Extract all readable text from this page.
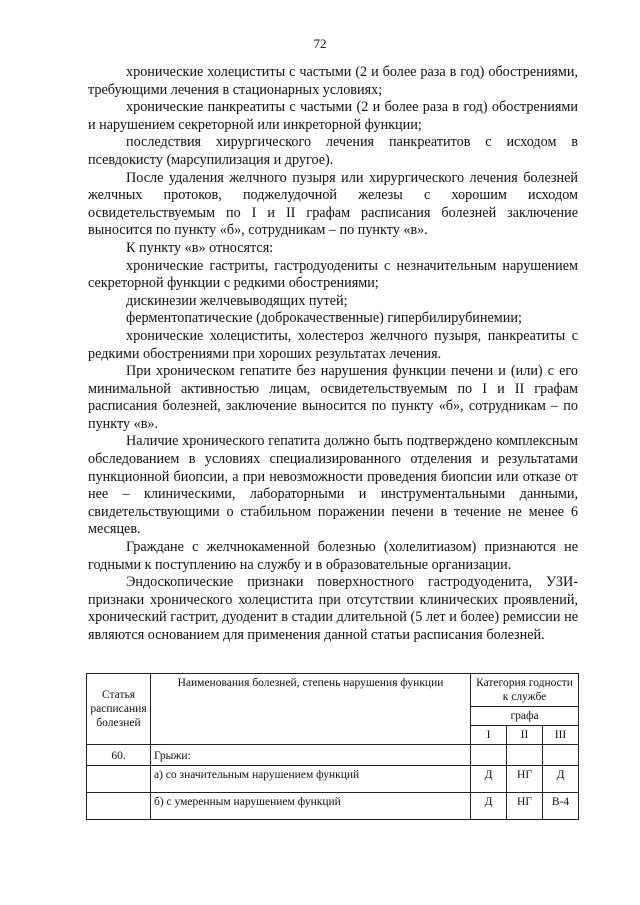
72

хронические холециститы с частыми (2 и более раза в год) обострениями, требующими лечения в стационарных условиях;

хронические панкреатиты с частыми (2 и более раза в год) обострениями и нарушением секреторной или инкреторной функции;

последствия хирургического лечения панкреатитов с исходом в псевдокисту (марсупилизация и другое).

После удаления желчного пузыря или хирургического лечения болезней желчных протоков, поджелудочной железы с хорошим исходом освидетельствуемым по I и II графам расписания болезней заключение выносится по пункту «б», сотрудникам – по пункту «в».

К пункту «в» относятся:

хронические гастриты, гастродуодениты с незначительным нарушением секреторной функции с редкими обострениями;

дискинезии желчевыводящих путей;

ферментопатические (доброкачественные) гипербилирубинемии;

хронические холециститы, холестероз желчного пузыря, панкреатиты с редкими обострениями при хороших результатах лечения.

При хроническом гепатите без нарушения функции печени и (или) с его минимальной активностью лицам, освидетельствуемым по I и II графам расписания болезней, заключение выносится по пункту «б», сотрудникам – по пункту «в».

Наличие хронического гепатита должно быть подтверждено комплексным обследованием в условиях специализированного отделения и результатами пункционной биопсии, а при невозможности проведения биопсии или отказе от нее – клиническими, лабораторными и инструментальными данными, свидетельствующими о стабильном поражении печени в течение не менее 6 месяцев.

Граждане с желчнокаменной болезнью (холелитиазом) признаются не годными к поступлению на службу и в образовательные организации.

Эндоскопические признаки поверхностного гастродуоденита, УЗИ-признаки хронического холецистита при отсутствии клинических проявлений, хронический гастрит, дуоденит в стадии длительной (5 лет и более) ремиссии не являются основанием для применения данной статьи расписания болезней.

Статья расписания болезней	Наименования болезней, степень нарушения функции	Категория годности к службе		
		графа		
		I	II	III
60.	Грыжи:			
	а) со значительным нарушением функций	Д	НГ	Д
	б) с умеренным нарушением функций	Д	НГ	В-4
